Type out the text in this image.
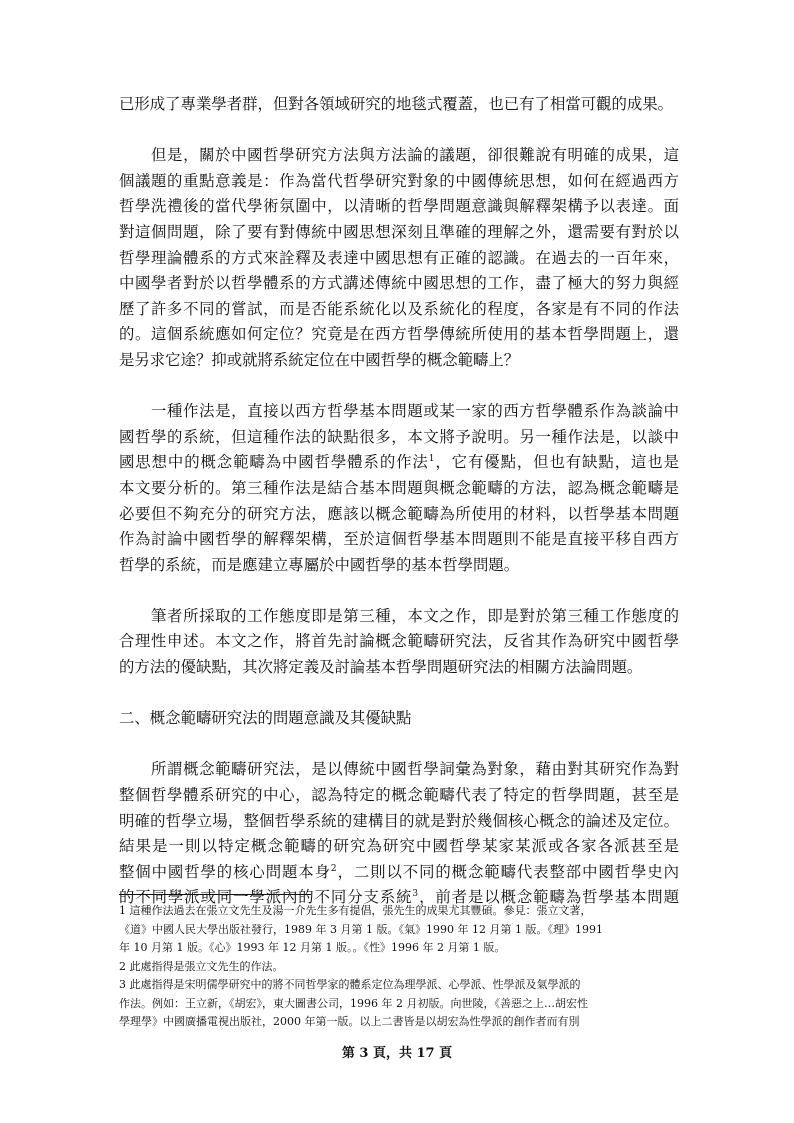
已形成了專業學者群，但對各領域研究的地毯式覆蓋，也已有了相當可觀的成果。
　　但是，關於中國哲學研究方法與方法論的議題，卻很難說有明確的成果，這
個議題的重點意義是：作為當代哲學研究對象的中國傳統思想，如何在經過西方
哲學洗禮後的當代學術氛圍中，以清晰的哲學問題意識與解釋架構予以表達。面
對這個問題，除了要有對傳統中國思想深刻且準確的理解之外，還需要有對於以
哲學理論體系的方式來詮釋及表達中國思想有正確的認識。在過去的一百年來，
中國學者對於以哲學體系的方式講述傳統中國思想的工作，盡了極大的努力與經
歷了許多不同的嘗試，而是否能系統化以及系統化的程度，各家是有不同的作法
的。這個系統應如何定位？究竟是在西方哲學傳統所使用的基本哲學問題上，還
是另求它途？抑或就將系統定位在中國哲學的概念範疇上？
　　一種作法是，直接以西方哲學基本問題或某一家的西方哲學體系作為談論中
國哲學的系統，但這種作法的缺點很多，本文將予說明。另一種作法是，以談中
國思想中的概念範疇為中國哲學體系的作法$^1$，它有優點，但也有缺點，這也是
本文要分析的。第三種作法是結合基本問題與概念範疇的方法，認為概念範疇是
必要但不夠充分的研究方法，應該以概念範疇為所使用的材料，以哲學基本問題
作為討論中國哲學的解釋架構，至於這個哲學基本問題則不能是直接平移自西方
哲學的系統，而是應建立專屬於中國哲學的基本哲學問題。
　　筆者所採取的工作態度即是第三種，本文之作，即是對於第三種工作態度的
合理性申述。本文之作，將首先討論概念範疇研究法，反省其作為研究中國哲學
的方法的優缺點，其次將定義及討論基本哲學問題研究法的相關方法論問題。
二、概念範疇研究法的問題意識及其優缺點
　　所謂概念範疇研究法，是以傳統中國哲學詞彙為對象，藉由對其研究作為對
整個哲學體系研究的中心，認為特定的概念範疇代表了特定的哲學問題，甚至是
明確的哲學立場，整個哲學系統的建構目的就是對於幾個核心概念的論述及定位。
結果是一則以特定概念範疇的研究為研究中國哲學某家某派或各家各派甚至是
整個中國哲學的核心問題本身$^2$，二則以不同的概念範疇代表整部中國哲學史內
的不同學派或同一學派內的不同分支系統$^3$，前者是以概念範疇為哲學基本問題
1 這種作法過去在張立文先生及湯一介先生多有提倡，張先生的成果尤其豐碩。參見：張立文著，
《道》中國人民大學出版社發行，1989 年 3 月第 1 版。《氣》1990 年 12 月第 1 版。《理》1991
年 10 月第 1 版。《心》1993 年 12 月第 1 版。。《性》1996 年 2 月第 1 版。
2 此處指得是張立文先生的作法。
3 此處指得是宋明儒學研究中的將不同哲學家的體系定位為理學派、心學派、性學派及氣學派的
作法。例如：王立新，《胡宏》，東大圖書公司，1996 年 2 月初版。向世陵，《善惡之上…胡宏性
學理學》中國廣播電視出版社，2000 年第一版。以上二書皆是以胡宏為性學派的創作者而有別
第 3 頁，共 17 頁
